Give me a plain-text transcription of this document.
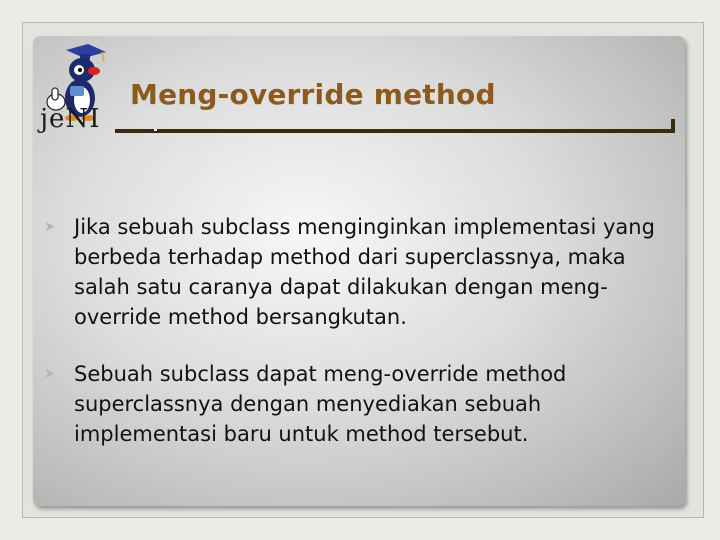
jeNI
Meng-override method
➤ Jika sebuah subclass menginginkan implementasi yang berbeda terhadap method dari superclassnya, maka salah satu caranya dapat dilakukan dengan meng-override method bersangkutan.
➤ Sebuah subclass dapat meng-override method superclassnya dengan menyediakan sebuah implementasi baru untuk method tersebut.
